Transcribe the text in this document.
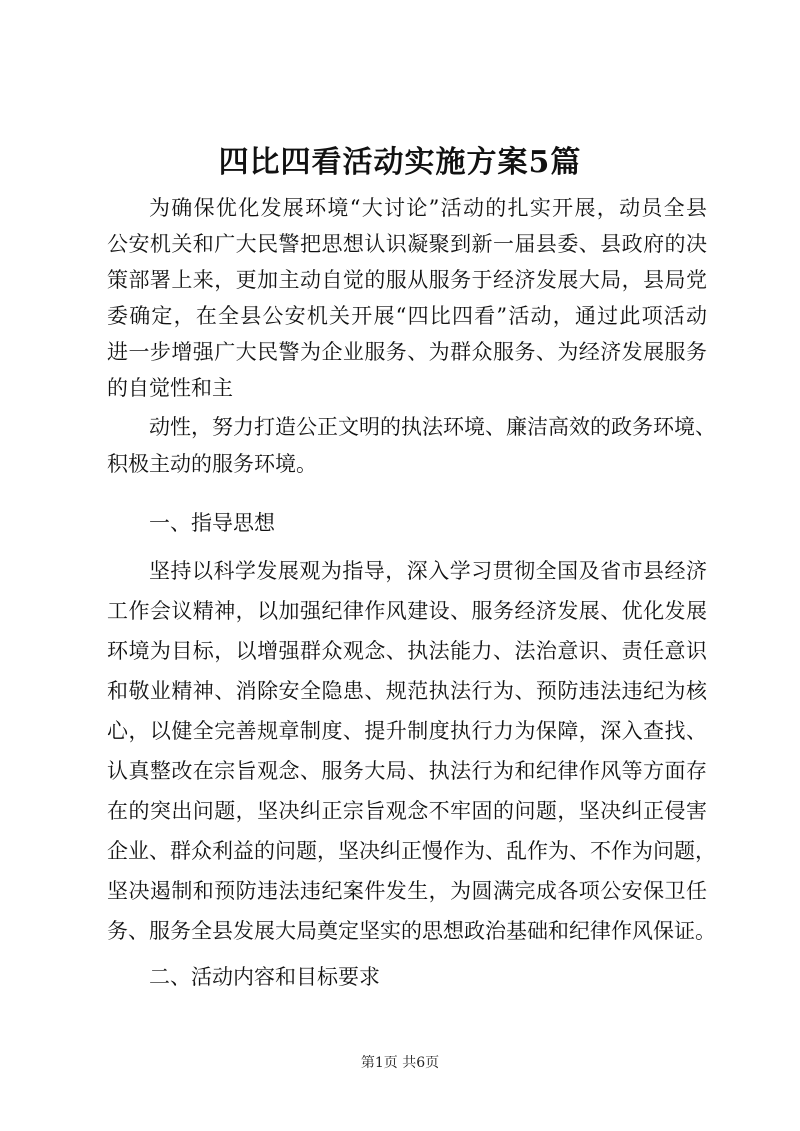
四比四看活动实施方案5篇

为确保优化发展环境“大讨论”活动的扎实开展，动员全县

公安机关和广大民警把思想认识凝聚到新一届县委、县政府的决

策部署上来，更加主动自觉的服从服务于经济发展大局，县局党

委确定，在全县公安机关开展“四比四看”活动，通过此项活动

进一步增强广大民警为企业服务、为群众服务、为经济发展服务

的自觉性和主

动性，努力打造公正文明的执法环境、廉洁高效的政务环境、

积极主动的服务环境。

一、指导思想

坚持以科学发展观为指导，深入学习贯彻全国及省市县经济

工作会议精神，以加强纪律作风建设、服务经济发展、优化发展

环境为目标，以增强群众观念、执法能力、法治意识、责任意识

和敬业精神、消除安全隐患、规范执法行为、预防违法违纪为核

心，以健全完善规章制度、提升制度执行力为保障，深入查找、

认真整改在宗旨观念、服务大局、执法行为和纪律作风等方面存

在的突出问题，坚决纠正宗旨观念不牢固的问题，坚决纠正侵害

企业、群众利益的问题，坚决纠正慢作为、乱作为、不作为问题，

坚决遏制和预防违法违纪案件发生，为圆满完成各项公安保卫任

务、服务全县发展大局奠定坚实的思想政治基础和纪律作风保证。

二、活动内容和目标要求

第1页 共6页
